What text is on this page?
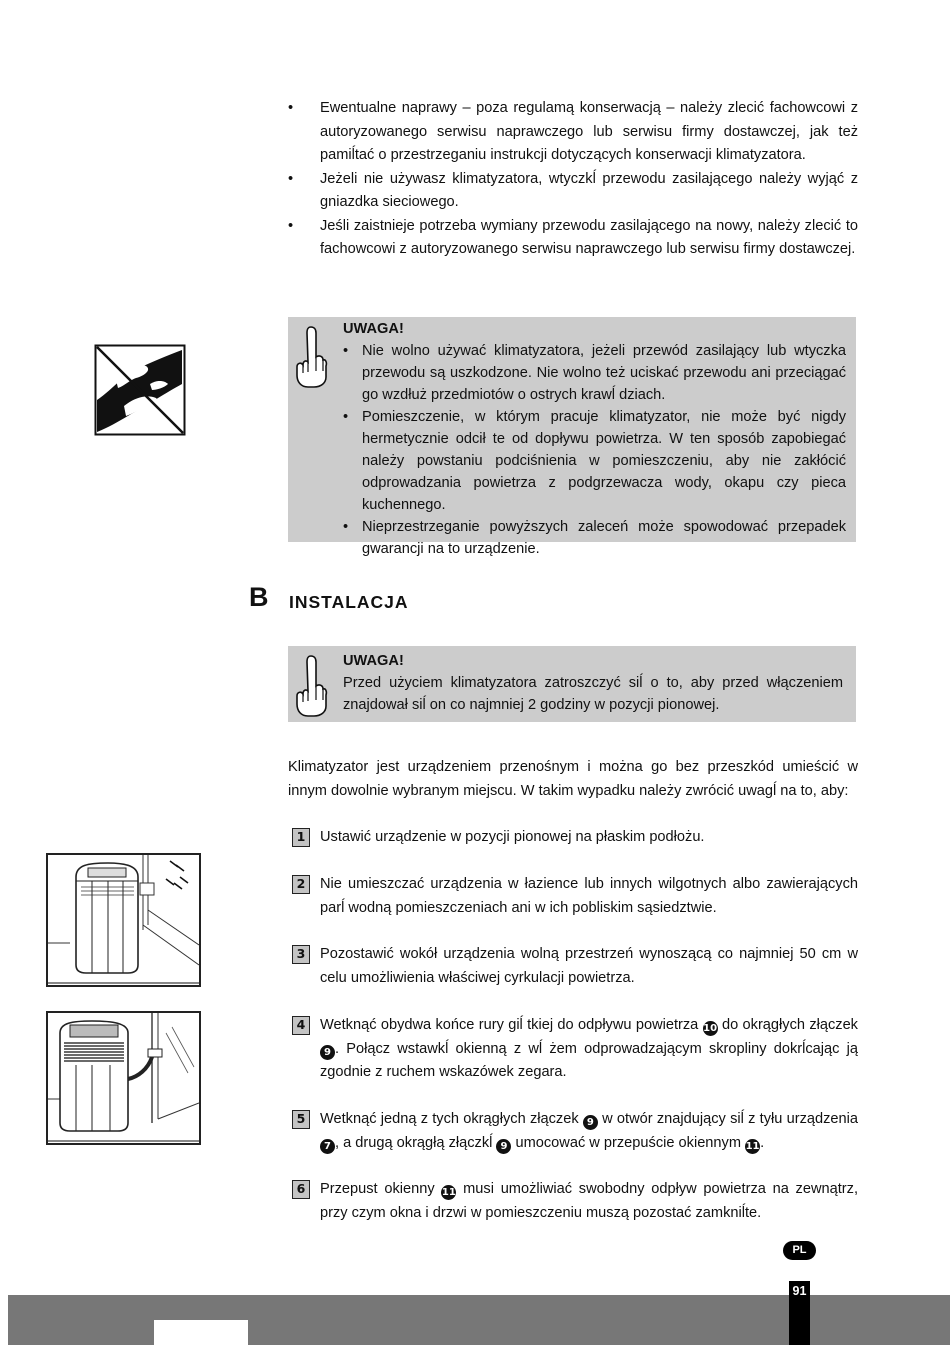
• Ewentualne naprawy – poza regulamą konserwacją – należy zlecić fachowcowi z autoryzowanego serwisu naprawczego lub serwisu firmy dostawczej, jak też pamiĺtać o przestrzeganiu instrukcji dotyczących konserwacji klimatyzatora.
• Jeżeli nie używasz klimatyzatora, wtyczkĺ przewodu zasilającego należy wyjąć z gniazdka sieciowego.
• Jeśli zaistnieje potrzeba wymiany przewodu zasilającego na nowy, należy zlecić to fachowcowi z autoryzowanego serwisu naprawczego lub serwisu firmy dostawczej.
UWAGA!
• Nie wolno używać klimatyzatora, jeżeli przewód zasilający lub wtyczka przewodu są uszkodzone. Nie wolno też uciskać przewodu ani przeciągać go wzdłuż przedmiotów o ostrych krawĺ dziach.
• Pomieszczenie, w którym pracuje klimatyzator, nie może być nigdy hermetycznie odcił te od dopływu powietrza. W ten sposób zapobiegać należy powstaniu podciśnienia w pomieszczeniu, aby nie zakłócić odprowadzania powietrza z podgrzewacza wody, okapu czy pieca kuchennego.
• Nieprzestrzeganie powyższych zaleceń może spowodować przepadek gwarancji na to urządzenie.
B INSTALACJA
UWAGA!
Przed użyciem klimatyzatora zatroszczyć siĺ o to, aby przed włączeniem znajdował siĺ on co najmniej 2 godziny w pozycji pionowej.
Klimatyzator jest urządzeniem przenośnym i można go bez przeszkód umieścić w innym dowolnie wybranym miejscu. W takim wypadku należy zwrócić uwagĺ na to, aby:
1	Ustawić urządzenie w pozycji pionowej na płaskim podłożu.
2	Nie umieszczać urządzenia w łazience lub innych wilgotnych albo zawierających parĺ wodną pomieszczeniach ani w ich pobliskim sąsiedztwie.
3	Pozostawić wokół urządzenia wolną przestrzeń wynoszącą co najmniej 50 cm w celu umożliwienia właściwej cyrkulacji powietrza.
4	Wetknąć obydwa końce rury giĺ tkiej do odpływu powietrza 10 do okrągłych złączek 9 . Połącz wstawkĺ okienną z wĺ żem odprowadzającym skropliny dokrĺcając ją zgodnie z ruchem wskazówek zegara.
5	Wetknąć jedną z tych okrągłych złączek 9 w otwór znajdujący siĺ z tyłu urządzenia 7 , a drugą okrągłą złączkĺ 9 umocować w przepuście okiennym 11.
6	Przepust okienny 11 musi umożliwiać swobodny odpływ powietrza na zewnątrz, przy czym okna i drzwi w pomieszczeniu muszą pozostać zamkniĺte.
PL
91
